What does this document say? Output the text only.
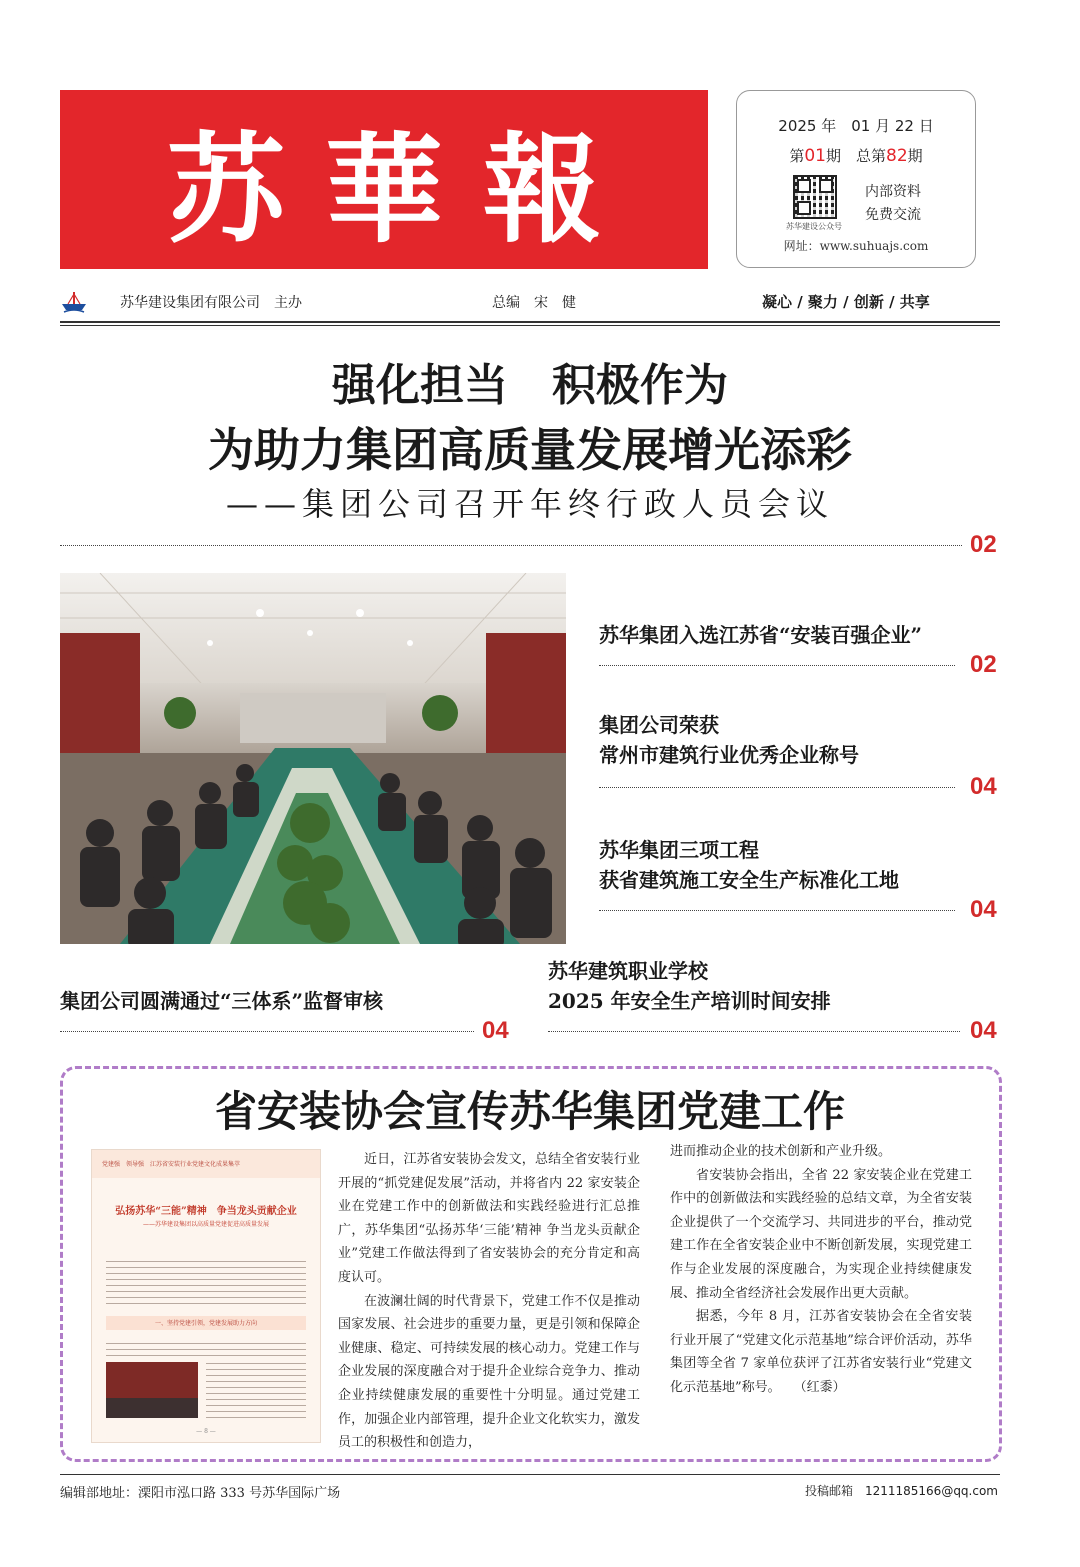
苏華報	2025 年　01 月 22 日
第01期　总第82期
苏华建设公众号
内部资料
免费交流
网址：www.suhuajs.com
苏华建设集团有限公司　主办	总编　宋　健	凝心 / 聚力 / 创新 / 共享
强化担当　积极作为
为助力集团高质量发展增光添彩
——集团公司召开年终行政人员会议
02
苏华集团入选江苏省“安装百强企业”
02
集团公司荣获
常州市建筑行业优秀企业称号
04
苏华集团三项工程
获省建筑施工安全生产标准化工地
04
集团公司圆满通过“三体系”监督审核
04
苏华建筑职业学校
2025 年安全生产培训时间安排
04
省安装协会宣传苏华集团党建工作
党建强　领导强　江苏省安装行业党建文化成果集萃
弘扬苏华“三能”精神　争当龙头贡献企业
——苏华建设集团以高质量党建促进高质量发展
一、坚持党建引领，党建发展助力方向
— 8 —

近日，江苏省安装协会发文，总结全省安装行业开展的“抓党建促发展”活动，并将省内 22 家安装企业在党建工作中的创新做法和实践经验进行汇总推广，苏华集团“弘扬苏华‘三能’精神 争当龙头贡献企业”党建工作做法得到了省安装协会的充分肯定和高度认可。

在波澜壮阔的时代背景下，党建工作不仅是推动国家发展、社会进步的重要力量，更是引领和保障企业健康、稳定、可持续发展的核心动力。党建工作与企业发展的深度融合对于提升企业综合竞争力、推动企业持续健康发展的重要性十分明显。通过党建工作，加强企业内部管理，提升企业文化软实力，激发员工的积极性和创造力，

进而推动企业的技术创新和产业升级。

省安装协会指出，全省 22 家安装企业在党建工作中的创新做法和实践经验的总结文章，为全省安装企业提供了一个交流学习、共同进步的平台，推动党建工作在全省安装企业中不断创新发展，实现党建工作与企业发展的深度融合，为实现企业持续健康发展、推动全省经济社会发展作出更大贡献。

据悉，今年 8 月，江苏省安装协会在全省安装行业开展了“党建文化示范基地”综合评价活动，苏华集团等全省 7 家单位获评了江苏省安装行业“党建文化示范基地”称号。　　（红黍）

编辑部地址：溧阳市泓口路 333 号苏华国际广场	投稿邮箱　1211185166@qq.com
